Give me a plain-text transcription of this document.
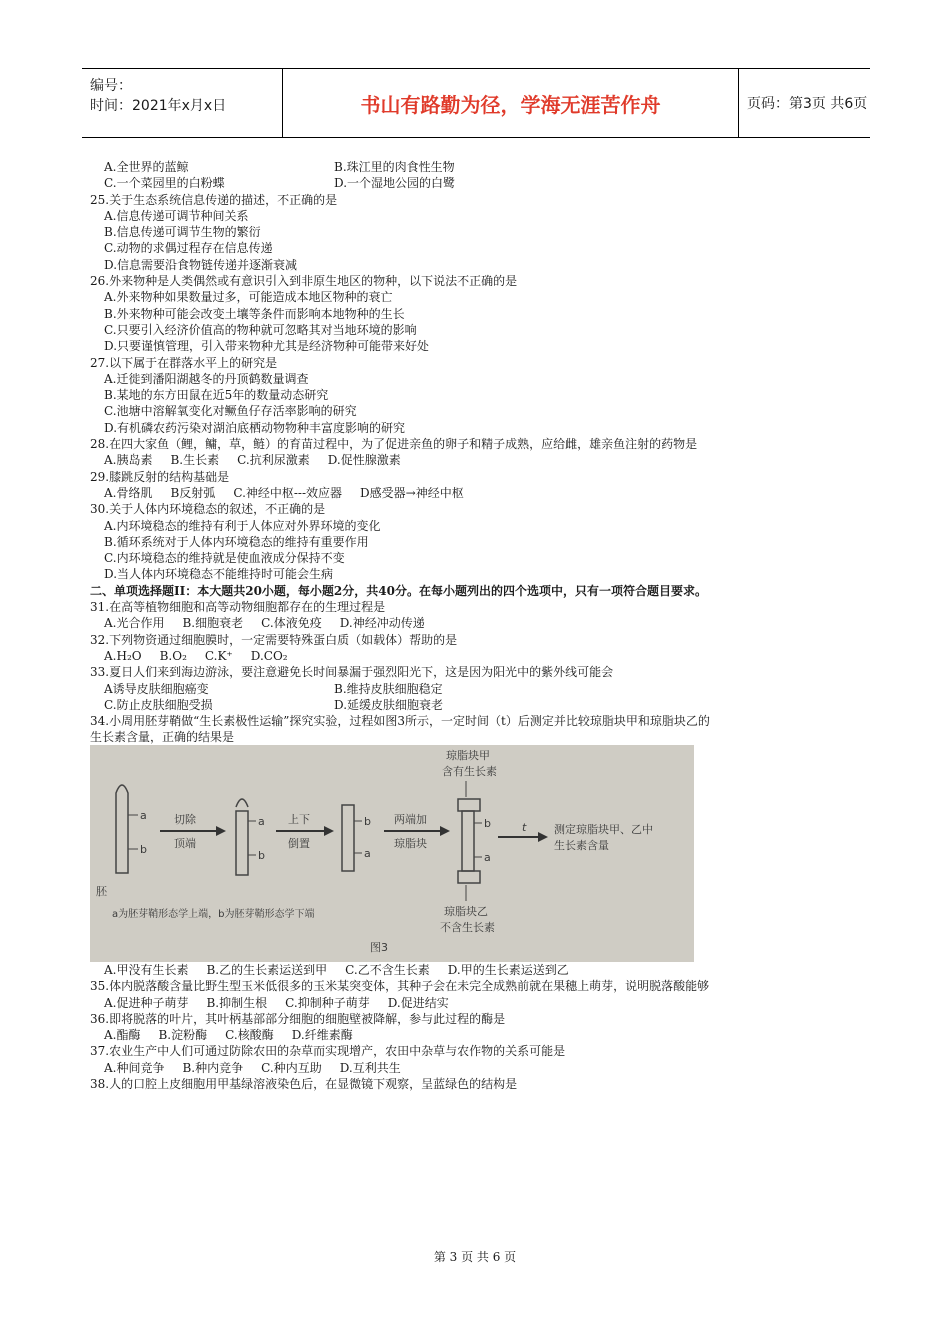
编号：
时间：2021年x月x日	书山有路勤为径，学海无涯苦作舟	页码：第3页 共6页
A.全世界的蓝鲸	B.珠江里的肉食性生物
C.一个菜园里的白粉蝶	D.一个湿地公园的白鹭
25.关于生态系统信息传递的描述，不正确的是
A.信息传递可调节种间关系
B.信息传递可调节生物的繁衍
C.动物的求偶过程存在信息传递
D.信息需要沿食物链传递并逐渐衰减
26.外来物种是人类偶然或有意识引入到非原生地区的物种，以下说法不正确的是
A.外来物种如果数量过多，可能造成本地区物种的衰亡
B.外来物种可能会改变土壤等条件而影响本地物种的生长
C.只要引入经济价值高的物种就可忽略其对当地环境的影响
D.只要谨慎管理，引入带来物种尤其是经济物种可能带来好处
27.以下属于在群落水平上的研究是
A.迁徙到潘阳湖越冬的丹顶鹤数量调查
B.某地的东方田鼠在近5年的数量动态研究
C.池塘中溶解氧变化对鳜鱼仔存活率影响的研究
D.有机磷农药污染对湖泊底栖动物物种丰富度影响的研究
28.在四大家鱼（鲤，鳙，草，鲢）的育苗过程中，为了促进亲鱼的卵子和精子成熟，应给雌，雄亲鱼注射的药物是
A.胰岛素 B.生长素 C.抗利尿激素 D.促性腺激素
29.膝跳反射的结构基础是
A.骨络肌 B反射弧 C.神经中枢---效应器 D感受器→神经中枢
30.关于人体内环境稳态的叙述，不正确的是
A.内环境稳态的维持有利于人体应对外界环境的变化
B.循环系统对于人体内环境稳态的维持有重要作用
C.内环境稳态的维持就是使血液成分保持不变
D.当人体内环境稳态不能维持时可能会生病
二、单项选择题II：本大题共20小题，每小题2分，共40分。在每小题列出的四个选项中，只有一项符合题目要求。
31.在高等植物细胞和高等动物细胞都存在的生理过程是
A.光合作用 B.细胞衰老 C.体液免疫 D.神经冲动传递
32.下列物资通过细胞膜时，一定需要特殊蛋白质（如载体）帮助的是
A.H₂O B.O₂ C.K⁺ D.CO₂
33.夏日人们来到海边游泳，要注意避免长时间暴漏于强烈阳光下，这是因为阳光中的紫外线可能会
A诱导皮肤细胞癌变	B.维持皮肤细胞稳定
C.防止皮肤细胞受损	D.延缓皮肤细胞衰老
34.小周用胚芽鞘做“生长素极性运输”探究实验，过程如图3所示，一定时间（t）后测定并比较琼脂块甲和琼脂块乙的
生长素含量，正确的结果是
a
b
胚
切除
顶端
a
b
上下
倒置
b
a
两端加
琼脂块
琼脂块甲
含有生长素
b
a
琼脂块乙
不含生长素
t	测定琼脂块甲、乙中
生长素含量
a为胚芽鞘形态学上端，b为胚芽鞘形态学下端
图3
A.甲没有生长素 B.乙的生长素运送到甲 C.乙不含生长素 D.甲的生长素运送到乙
35.体内脱落酸含量比野生型玉米低很多的玉米某突变体，其种子会在未完全成熟前就在果穗上萌芽，说明脱落酸能够
A.促进种子萌芽 B.抑制生根 C.抑制种子萌芽 D.促进结实
36.即将脱落的叶片，其叶柄基部部分细胞的细胞壁被降解，参与此过程的酶是
A.酯酶 B.淀粉酶 C.核酸酶 D.纤维素酶
37.农业生产中人们可通过防除农田的杂草而实现增产，农田中杂草与农作物的关系可能是
A.种间竞争 B.种内竞争 C.种内互助 D.互利共生
38.人的口腔上皮细胞用甲基绿溶液染色后，在显微镜下观察，呈蓝绿色的结构是
第 3 页 共 6 页
